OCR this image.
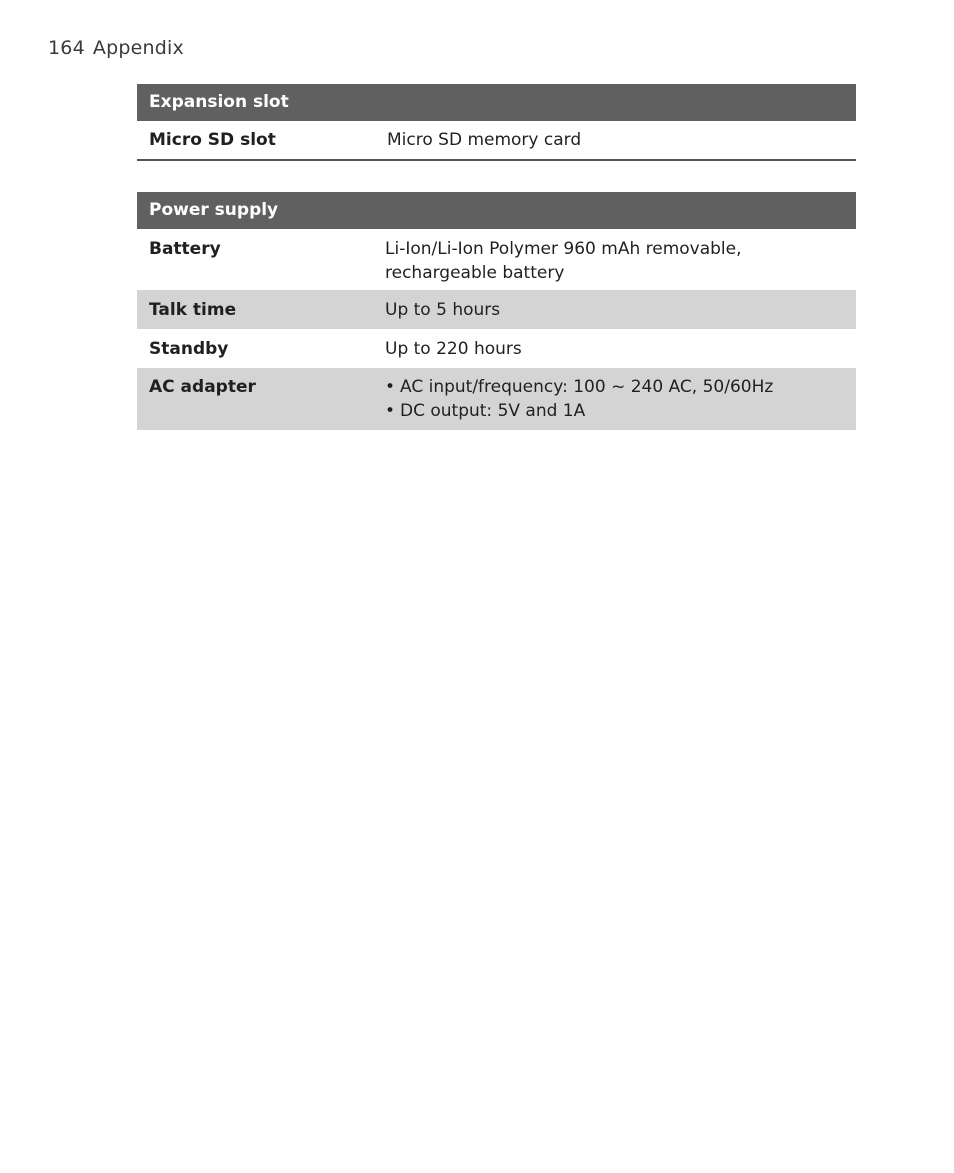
164 Appendix
Expansion slot
Micro SD slot	Micro SD memory card
Power supply
Battery	Li-Ion/Li-Ion Polymer 960 mAh removable,
rechargeable battery
Talk time	Up to 5 hours
Standby	Up to 220 hours
AC adapter
•	AC input/frequency: 100 ~ 240 AC, 50/60Hz
• DC output: 5V and 1A
